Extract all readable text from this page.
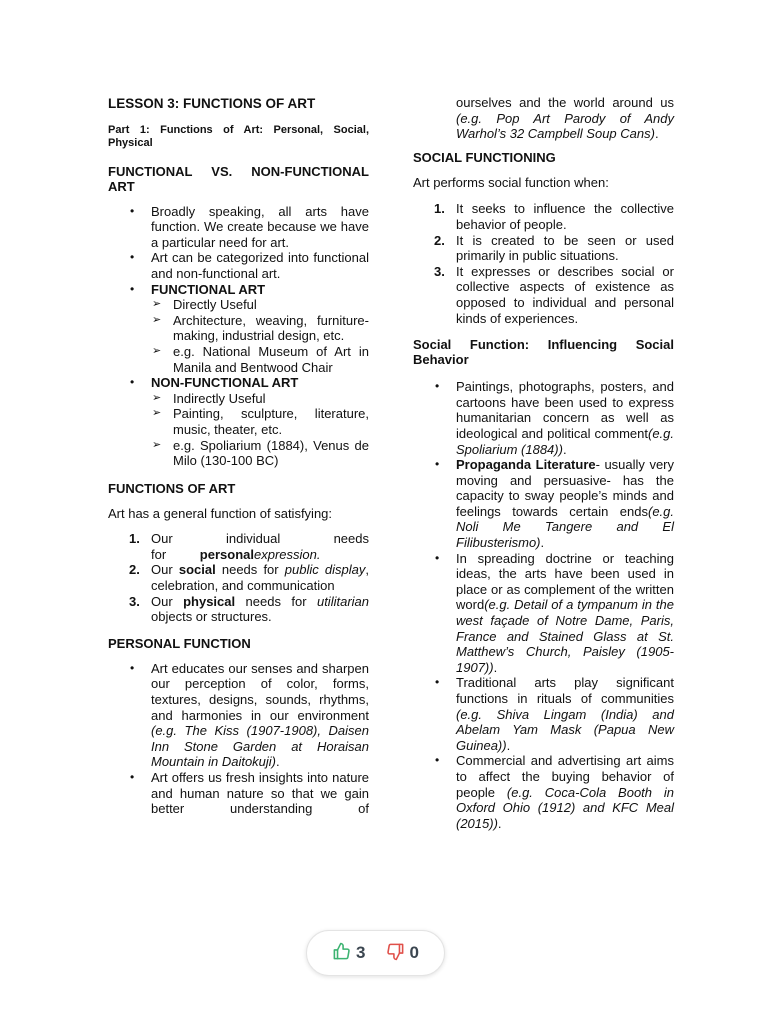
LESSON 3: FUNCTIONS OF ART
Part 1: Functions of Art: Personal, Social, Physical
FUNCTIONAL VS. NON-FUNCTIONAL ART
• Broadly speaking, all arts have function. We create because we have a particular need for art.
• Art can be categorized into functional and non-functional art.
• FUNCTIONAL ART
➢ Directly Useful
➢ Architecture, weaving, furniture-making, industrial design, etc.
➢ e.g. National Museum of Art in Manila and Bentwood Chair
• NON-FUNCTIONAL ART
➢ Indirectly Useful
➢ Painting, sculpture, literature, music, theater, etc.
➢ e.g. Spoliarium (1884), Venus de Milo (130-100 BC)
FUNCTIONS OF ART

Art has a general function of satisfying:

1. Our individual needs for personalexpression.
2. Our social needs for public display, celebration, and communication
3. Our physical needs for utilitarian objects or structures.
PERSONAL FUNCTION
• Art educates our senses and sharpen our perception of color, forms, textures, designs, sounds, rhythms, and harmonies in our environment (e.g. The Kiss (1907-1908), Daisen Inn Stone Garden at Horaisan Mountain in Daitokuji).
• Art offers us fresh insights into nature and human nature so that we gain better understanding of
ourselves and the world around us (e.g. Pop Art Parody of Andy Warhol’s 32 Campbell Soup Cans).
SOCIAL FUNCTIONING

Art performs social function when:

1. It seeks to influence the collective behavior of people.
2. It is created to be seen or used primarily in public situations.
3. It expresses or describes social or collective aspects of existence as opposed to individual and personal kinds of experiences.
Social Function: Influencing Social Behavior
• Paintings, photographs, posters, and cartoons have been used to express humanitarian concern as well as ideological and political comment(e.g. Spoliarium (1884)).
• Propaganda Literature- usually very moving and persuasive- has the capacity to sway people’s minds and feelings towards certain ends(e.g. Noli Me Tangere and El Filibusterismo).
• In spreading doctrine or teaching ideas, the arts have been used in place or as complement of the written word(e.g. Detail of a tympanum in the west façade of Notre Dame, Paris, France and Stained Glass at St. Matthew’s Church, Paisley (1905-1907)).
• Traditional arts play significant functions in rituals of communities (e.g. Shiva Lingam (India) and Abelam Yam Mask (Papua New Guinea)).
• Commercial and advertising art aims to affect the buying behavior of people (e.g. Coca-Cola Booth in Oxford Ohio (1912) and KFC Meal (2015)).
3	0
